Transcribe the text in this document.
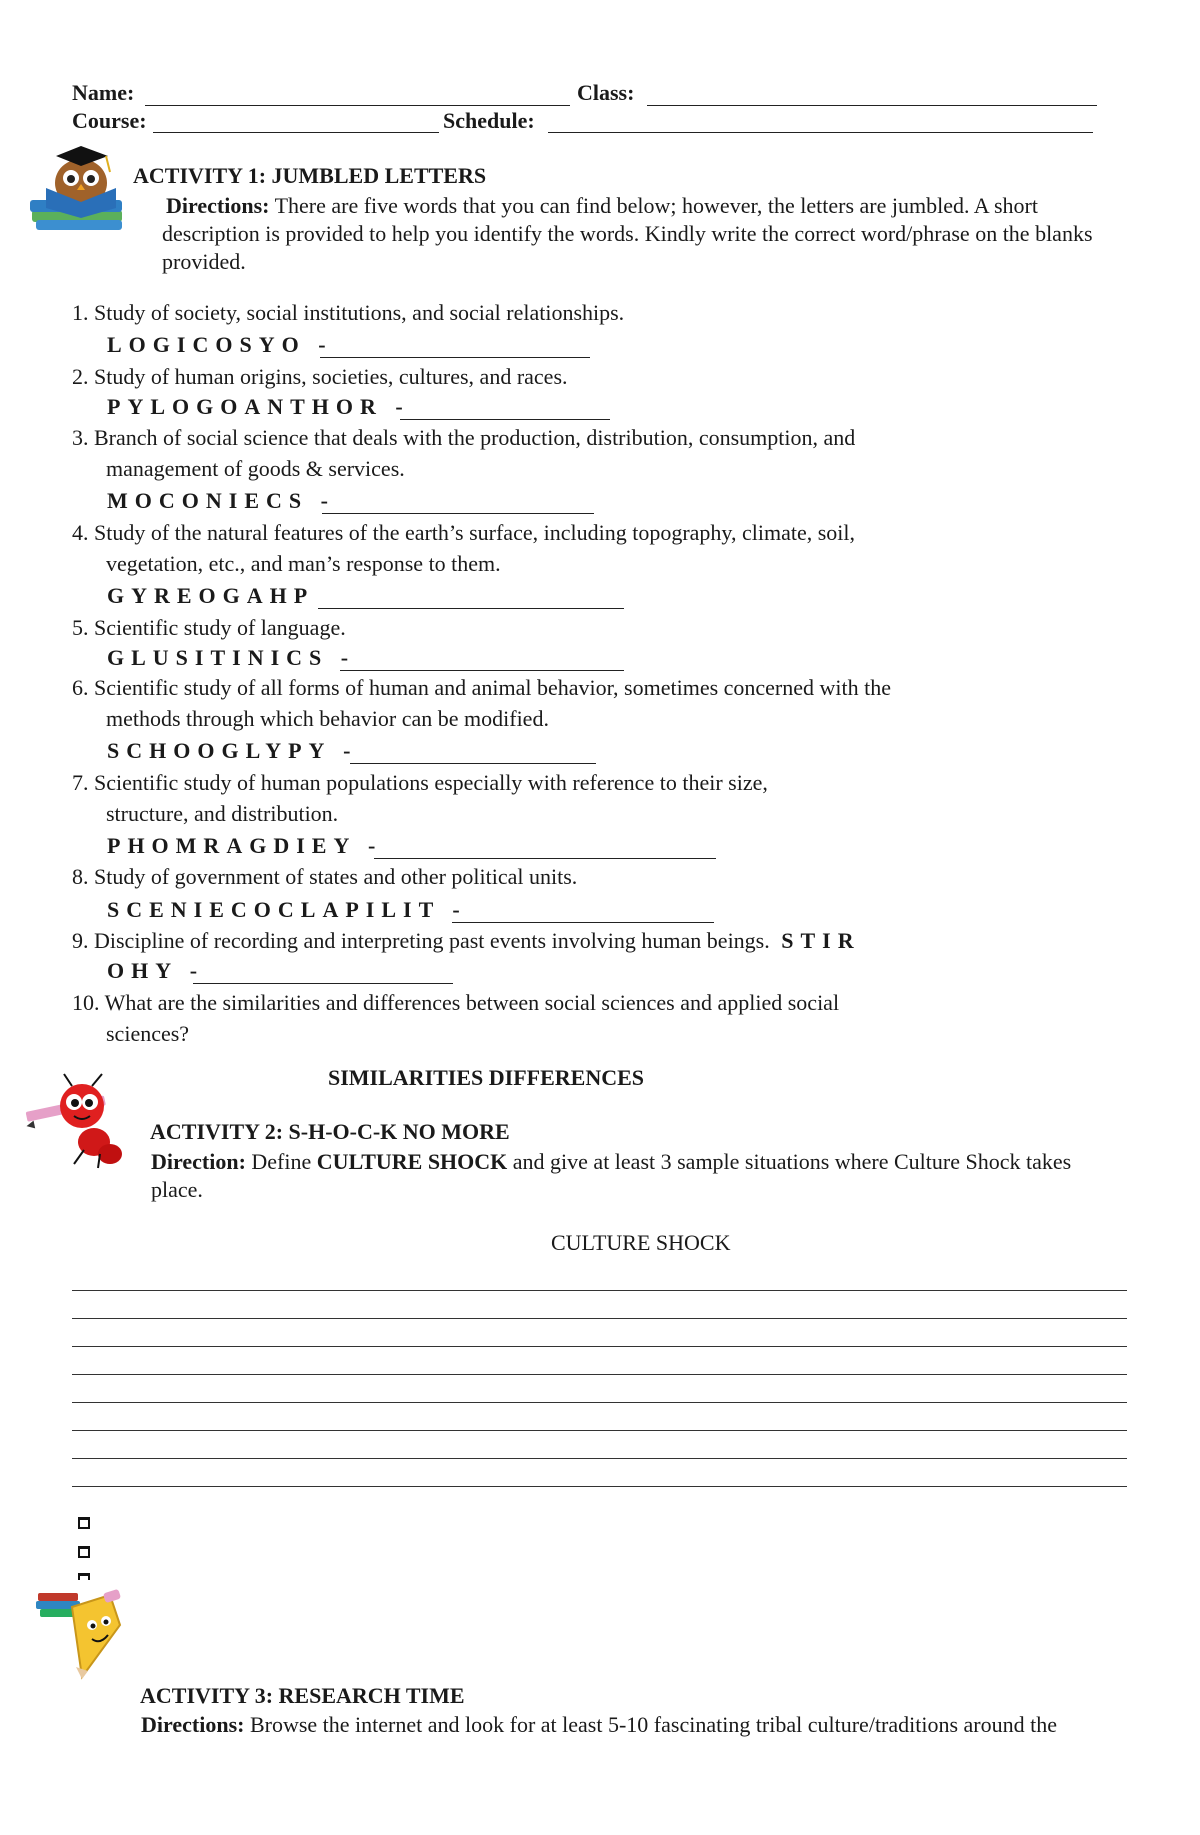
Name:	Class:
Course:	Schedule:
ACTIVITY 1: JUMBLED LETTERS
Directions: There are five words that you can find below; however, the letters are jumbled. A short description is provided to help you identify the words. Kindly write the correct word/phrase on the blanks provided.
1. Study of society, social institutions, and social relationships.
LOGICOSYO -
2. Study of human origins, societies, cultures, and races.
PYLOGOANTHOR -
3. Branch of social science that deals with the production, distribution, consumption, and
management of goods & services.
MOCONIECS -
4. Study of the natural features of the earth’s surface, including topography, climate, soil,
vegetation, etc., and man’s response to them.
GYREOGAHP
5. Scientific study of language.
GLUSITINICS -
6. Scientific study of all forms of human and animal behavior, sometimes concerned with the
methods through which behavior can be modified.
SCHOOGLYPY -
7. Scientific study of human populations especially with reference to their size,
structure, and distribution.
PHOMRAGDIEY -
8. Study of government of states and other political units.
SCENIECOCLAPILIT -
9. Discipline of recording and interpreting past events involving human beings. STIR
OHY -
10. What are the similarities and differences between social sciences and applied social
sciences?
SIMILARITIES DIFFERENCES
ACTIVITY 2: S-H-O-C-K NO MORE
Direction: Define CULTURE SHOCK and give at least 3 sample situations where Culture Shock takes place.
CULTURE SHOCK
ACTIVITY 3: RESEARCH TIME
Directions: Browse the internet and look for at least 5-10 fascinating tribal culture/traditions around the
